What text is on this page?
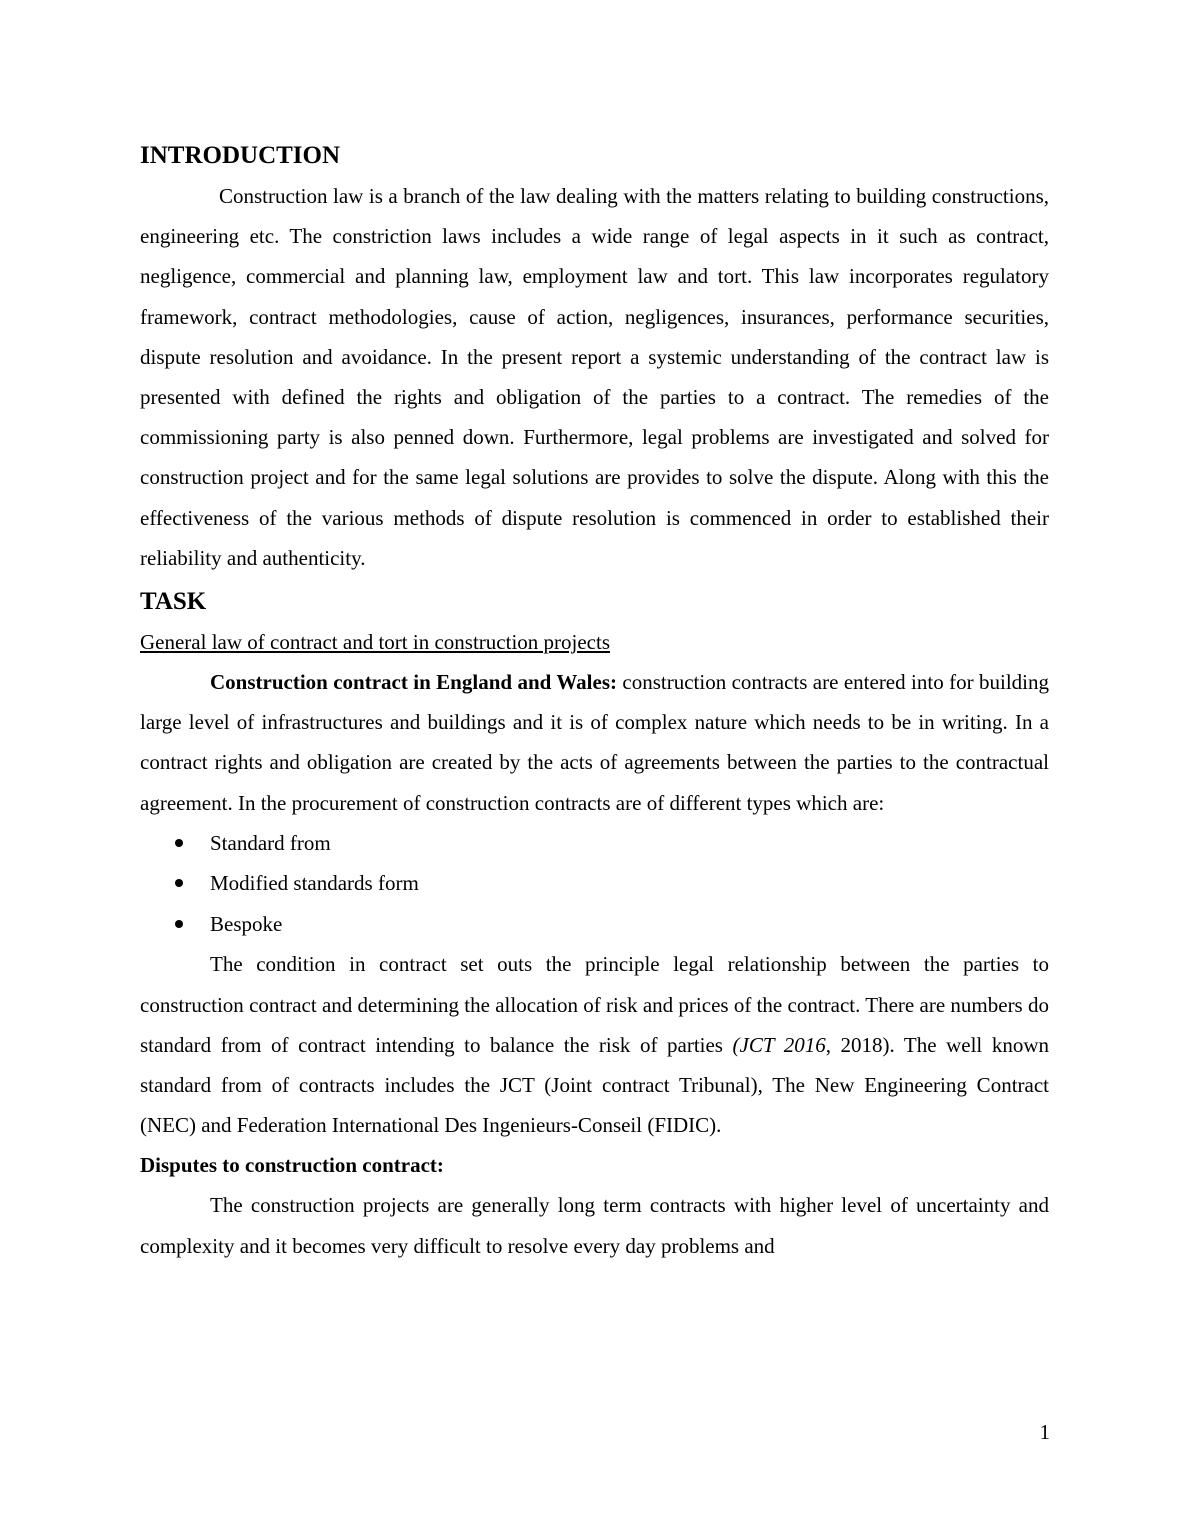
INTRODUCTION

Construction law is a branch of the law dealing with the matters relating to building constructions, engineering etc. The constriction laws includes a wide range of legal aspects in it such as contract, negligence, commercial and planning law, employment law and tort. This law incorporates regulatory framework, contract methodologies, cause of action, negligences, insurances, performance securities, dispute resolution and avoidance. In the present report a systemic understanding of the contract law is presented with defined the rights and obligation of the parties to a contract. The remedies of the commissioning party is also penned down. Furthermore, legal problems are investigated and solved for construction project and for the same legal solutions are provides to solve the dispute. Along with this the effectiveness of the various methods of dispute resolution is commenced in order to established their reliability and authenticity.

TASK

General law of contract and tort in construction projects

Construction contract in England and Wales: construction contracts are entered into for building large level of infrastructures and buildings and it is of complex nature which needs to be in writing. In a contract rights and obligation are created by the acts of agreements between the parties to the contractual agreement. In the procurement of construction contracts are of different types which are:

Standard from
Modified standards form
Bespoke

The condition in contract set outs the principle legal relationship between the parties to construction contract and determining the allocation of risk and prices of the contract. There are numbers do standard from of contract intending to balance the risk of parties (JCT 2016, 2018). The well known standard from of contracts includes the JCT (Joint contract Tribunal), The New Engineering Contract (NEC) and Federation International Des Ingenieurs-Conseil (FIDIC).

Disputes to construction contract:

The construction projects are generally long term contracts with higher level of uncertainty and complexity and it becomes very difficult to resolve every day problems and

1
